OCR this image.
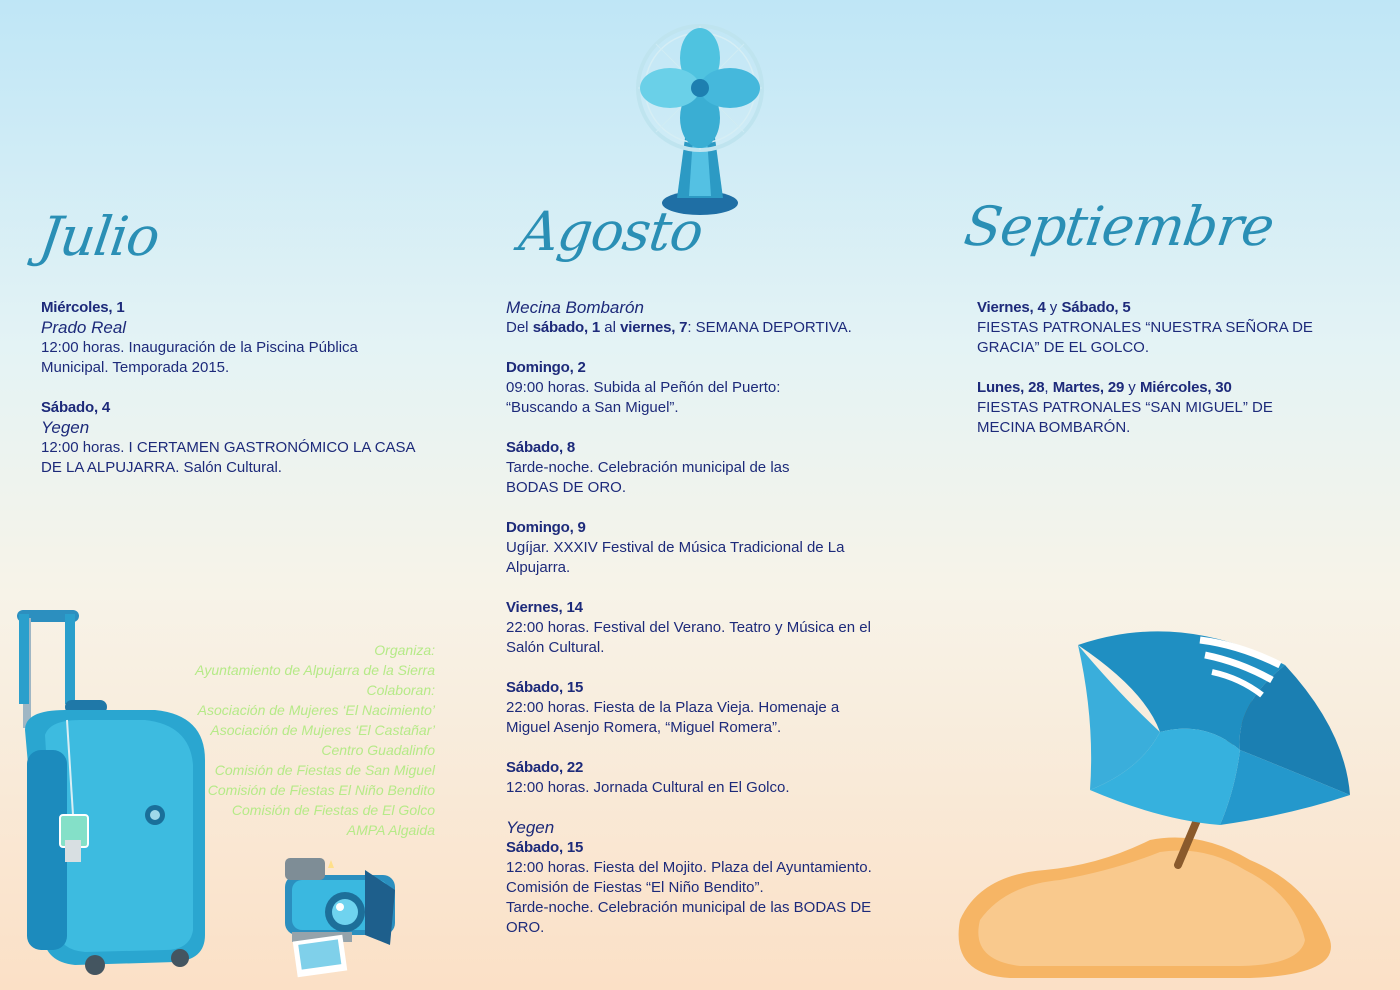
Julio
Miércoles, 1
Prado Real
12:00 horas. Inauguración de la Piscina Pública Municipal. Temporada 2015.
Sábado, 4
Yegen
12:00 horas. I CERTAMEN GASTRONÓMICO LA CASA DE LA ALPUJARRA. Salón Cultural.
Agosto
Mecina Bombarón
Del sábado, 1 al viernes, 7: SEMANA DEPORTIVA.
Domingo, 2
09:00 horas. Subida al Peñón del Puerto: “Buscando a San Miguel”.
Sábado, 8
Tarde-noche. Celebración municipal de las BODAS DE ORO.
Domingo, 9
Ugíjar. XXXIV Festival de Música Tradicional de La Alpujarra.
Viernes, 14
22:00 horas. Festival del Verano. Teatro y Música en el Salón Cultural.
Sábado, 15
22:00 horas. Fiesta de la Plaza Vieja. Homenaje a Miguel Asenjo Romera, “Miguel Romera”.
Sábado, 22
12:00 horas. Jornada Cultural en El Golco.
Yegen
Sábado, 15
12:00 horas. Fiesta del Mojito. Plaza del Ayuntamiento.
Comisión de Fiestas “El Niño Bendito”.
Tarde-noche. Celebración municipal de las BODAS DE ORO.
Septiembre
Viernes, 4 y Sábado, 5
FIESTAS PATRONALES “NUESTRA SEÑORA DE GRACIA” DE EL GOLCO.
Lunes, 28, Martes, 29 y Miércoles, 30
FIESTAS PATRONALES “SAN MIGUEL” DE MECINA BOMBARÓN.
Organiza:
Ayuntamiento de Alpujarra de la Sierra
Colaboran:
Asociación de Mujeres ‘El Nacimiento’
Asociación de Mujeres ‘El Castañar’
Centro Guadalinfo
Comisión de Fiestas de San Miguel
Comisión de Fiestas El Niño Bendito
Comisión de Fiestas de El Golco
AMPA Algaida
